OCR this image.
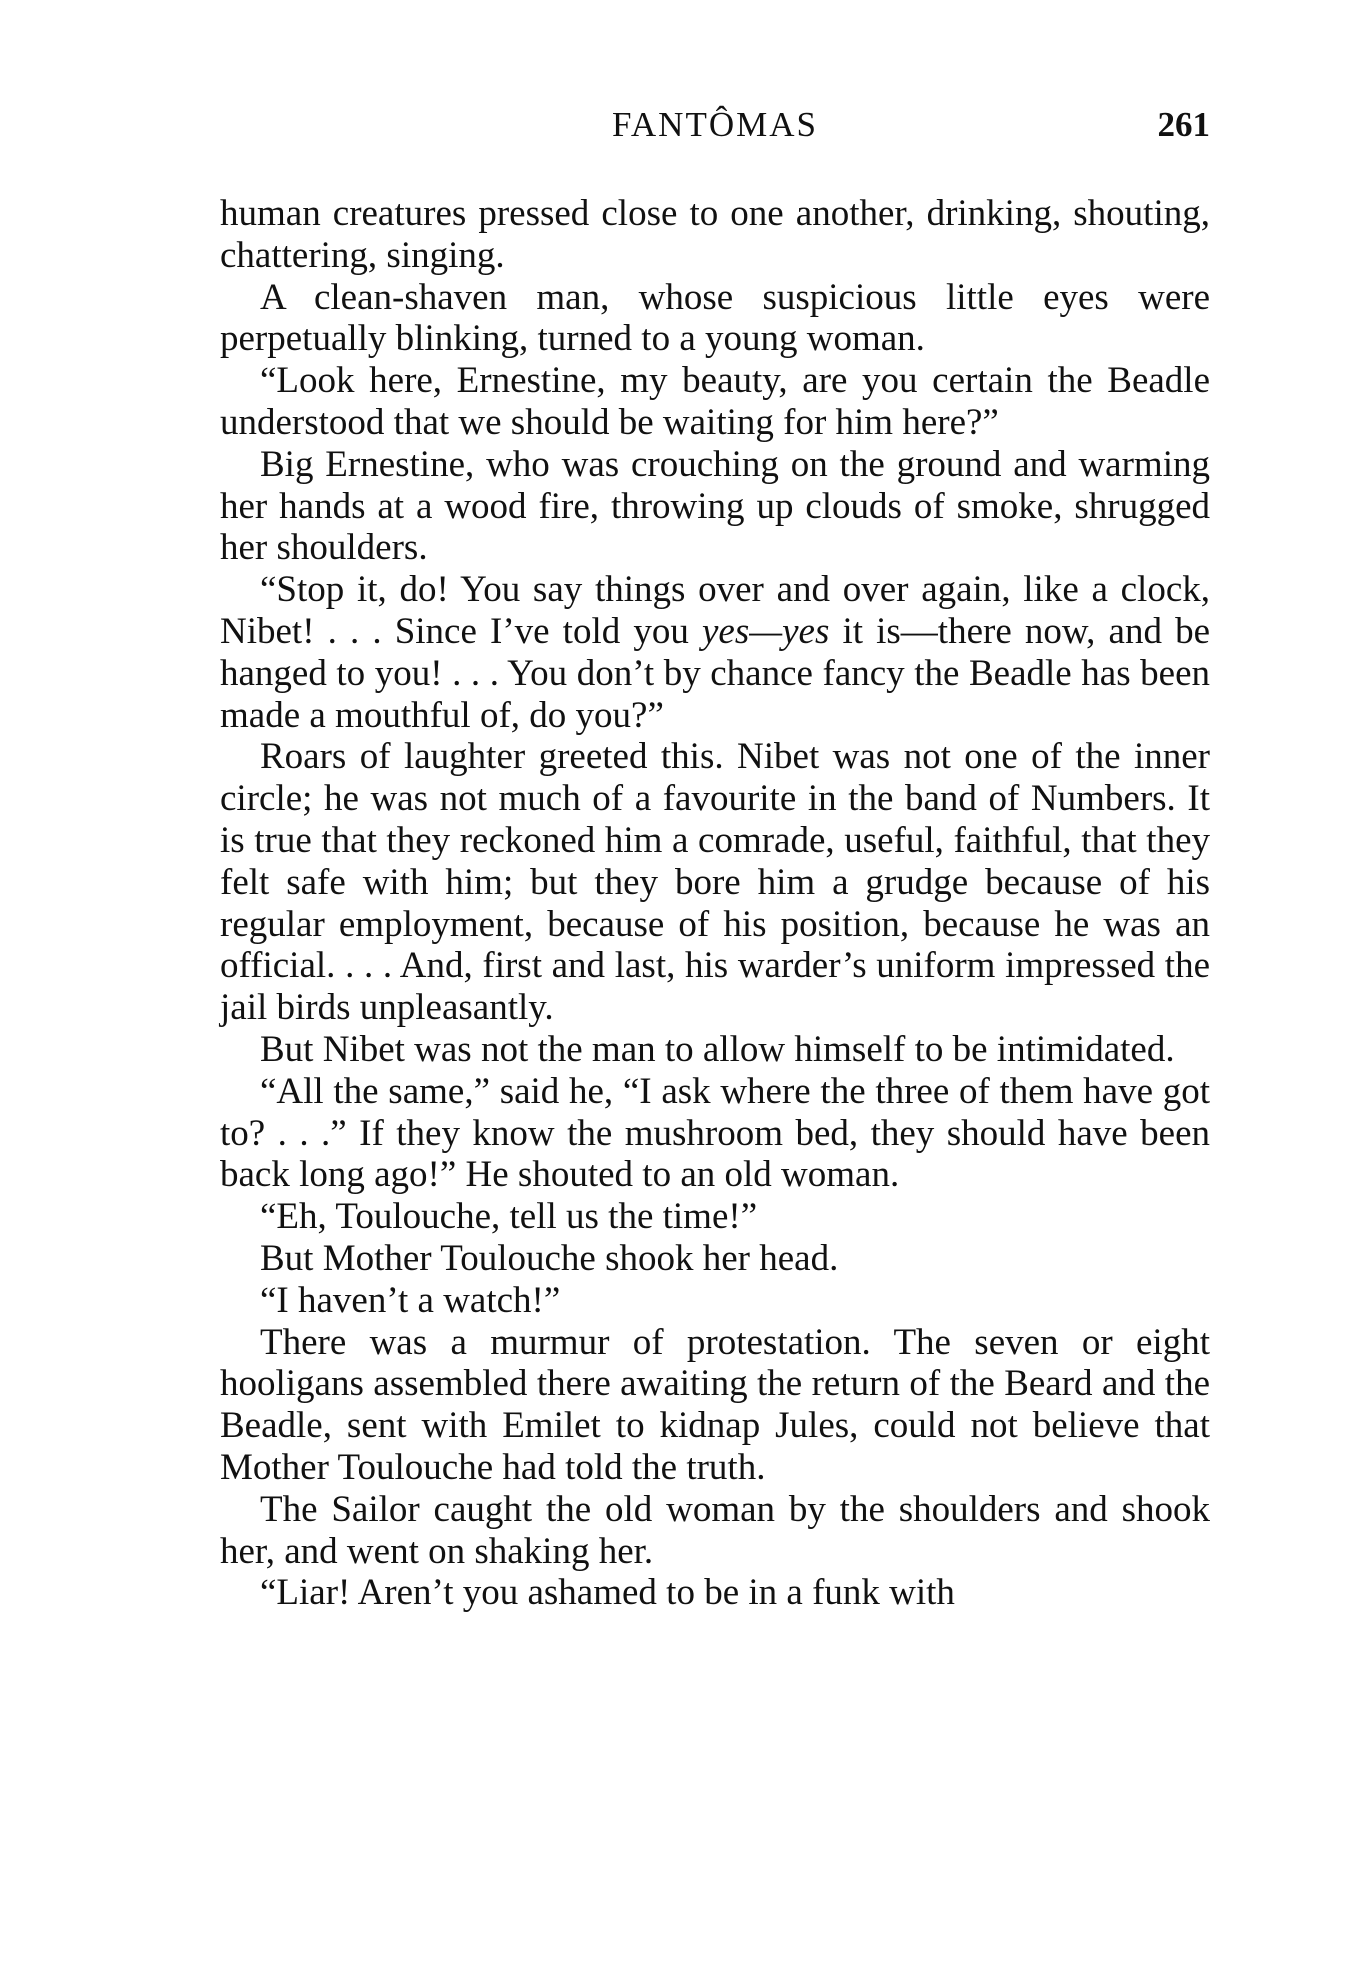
FANTÔMAS	261

human creatures pressed close to one another, drinking, shouting, chattering, singing.

A clean-shaven man, whose suspicious little eyes were perpetually blinking, turned to a young woman.

“Look here, Ernestine, my beauty, are you certain the Beadle understood that we should be waiting for him here?”

Big Ernestine, who was crouching on the ground and warming her hands at a wood fire, throwing up clouds of smoke, shrugged her shoulders.

“Stop it, do! You say things over and over again, like a clock, Nibet! . . . Since I’ve told you yes—yes it is—there now, and be hanged to you! . . . You don’t by chance fancy the Beadle has been made a mouthful of, do you?”

Roars of laughter greeted this. Nibet was not one of the inner circle; he was not much of a favourite in the band of Numbers. It is true that they reckoned him a comrade, useful, faithful, that they felt safe with him; but they bore him a grudge because of his regular employment, because of his position, because he was an official. . . . And, first and last, his warder’s uniform impressed the jail birds unpleasantly.

But Nibet was not the man to allow himself to be intimidated.

“All the same,” said he, “I ask where the three of them have got to? . . .” If they know the mushroom bed, they should have been back long ago!” He shouted to an old woman.

“Eh, Toulouche, tell us the time!”

But Mother Toulouche shook her head.

“I haven’t a watch!”

There was a murmur of protestation. The seven or eight hooligans assembled there awaiting the return of the Beard and the Beadle, sent with Emilet to kidnap Jules, could not believe that Mother Toulouche had told the truth.

The Sailor caught the old woman by the shoulders and shook her, and went on shaking her.

“Liar! Aren’t you ashamed to be in a funk with
